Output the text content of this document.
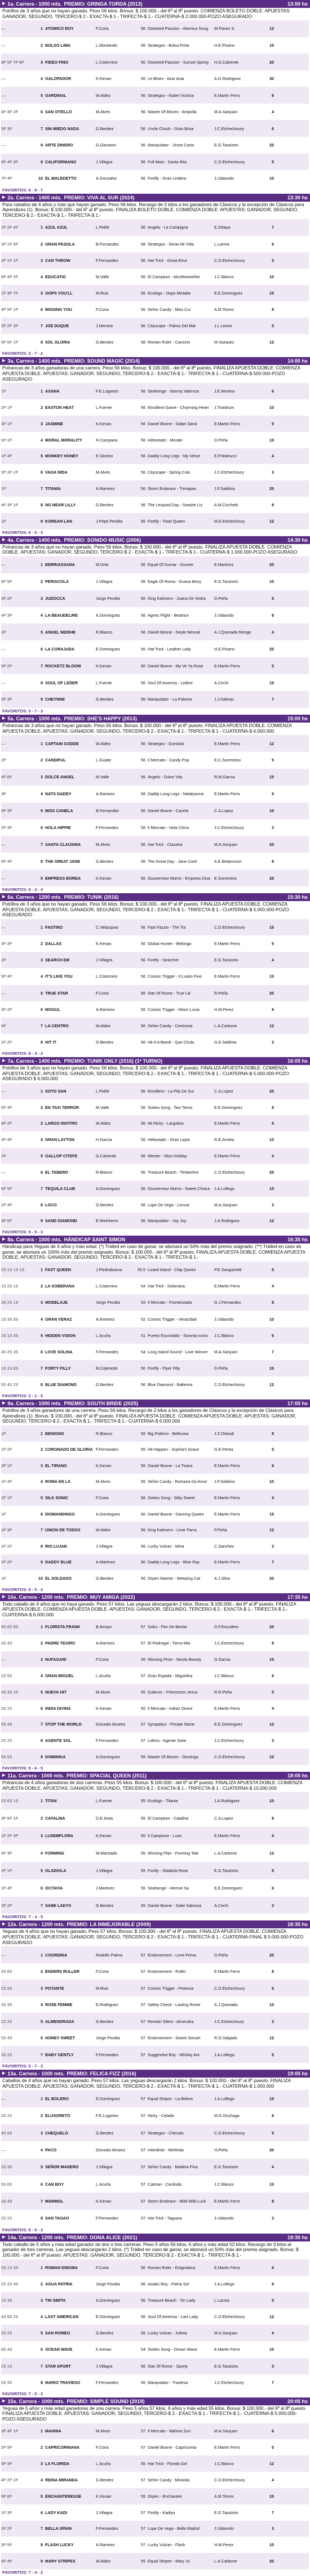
▶ 1a. Carrera - 1000 mts. PREMIO: GRINGA TORDA (2013)	13:00 hs
Potrillos de 3 años que no hayan ganado. Peso 56 kilos. Bonus: $ 100.000.- del 6º al 8º puesto. COMIENZA BOLETO DOBLE. APUESTAS: GANADOR, SEGUNDO, TERCERO-$ 2.- EXACTA-$ 1.- TRIFECTA-$ 1.- CUATERNA-$ 2.000.000-POZO ASEGURADO
—	1 ATOMICO BOY	F.Coria	56 Distorted Passion - Atomica Song	W.Pavez S.	12
—	2 BOLSO LIMA	L.Montando	56 Strategos - Bolsa Pinta	H.E.Pisano	15
8P 5P 7P 8P	3 FIDEO FINO	L.Cisternino	56 Distorted Passion - Sunset Spring	H.G.Calvente	20
—	4 GALOPADOR	K.Kenan	56 Le Blues - Azar Azar	A.G.Rodriguez	30
—	5 GARDINAL	W.Aldez	56 Strategos - Nobel Victoria	E.Martin Ferro	8
6P 3P 2P	6 SAN VITELLO	M.Alves	56 Master Of Moves - Ampolla	M.A.Sanjuan	4
5P 3P	7 SIN MIEDO NADA	G.Benitez	56 Uncle Chuck - Gran Brisa	J.C.Etchechoury	6
—	8 ARTE DINERO	G.Giovanni	56 Manipulator - Jinsei Carta	E.G.Tassistro	25
8P 4P 3P	9 CALIFORNIANO	J.Villagra	56 Full Mast - Santa Rita	C.D.Etchechoury	5
7P 4P	10 EL MALEDETTO	A.Gonzalez	56 Fortify - Gran Lindera	J.Udaondo	10
FAVORITOS: 6 - 9 - 7
▶ 2a. Carrera - 1400 mts. PREMIO: VIVA AL SUR (2024)	13:30 hs
Para caballos de 4 años y más que hayan ganado. Peso 56 kilos. Recargo de 2 kilos a los ganadores de Clásicos y la excepción de Clásicos para Aprendices (1). Bonus: $ 100.000.- del 6º al 8º puesto. FINALIZA BOLETO DOBLE. COMIENZA DOBLE. APUESTAS: GANADOR, SEGUNDO, TERCERO-$ 2.- EXACTA-$ 1.- TRIFECTA-$ 1.-
1P 2P 4P	1 AZUL AZUL	L.Pelitti	56 Angelo - La Campigna	E.Zelaya	7
3P 1P 5P	2 GRAN PASOLA	B.Fernandez	58 Strategos - Seras Mi Vida	L.Larrea	6
2P 1P 1P	3 CAN THROW	F.Fernandes	56 Hat Trick - Great Ema	C.D.Etchechoury	3
6P 4P 2P	4 EDUCATIO	M.Valle	56 El Campeon - Alcotheworthie	J.C.Blanco	10
1P 3P 7P	5 OOPS YOU'LL	M.Ruiz	56 Ecologo - Oops Mistake	E.E.Dominguez	15
4P 5P 1P	6 MISSING YOU	F.Coria	56 Señor Candy - Miss Cui	A.M.Torres	8
2P 2P 3P	7 JOE DUQUE	J.Herrera	56 Cityscape - Palma Del Mar	J.L.Leone	5
5P 6P 1P	8 SOL GLORIA	G.Benitez	58 Roman Ruler - Cancino	M.Vazquez	12
FAVORITOS: 3 - 7 - 2
▶ 3a. Carrera - 1400 mts. PREMIO: SOUND MAGIC (2014)	14:00 hs
Potrancas de 3 años ganadoras de una carrera. Peso 56 kilos. Bonus: $ 100.000.- del 6º al 8º puesto. FINALIZA APUESTA DOBLE. COMIENZA APUESTA DOBLE. APUESTAS: GANADOR, SEGUNDO, TERCERO-$ 2.- EXACTA-$ 1.- TRIFECTA-$ 1.- CUATERNA-$ 500.000-POZO ASEGURADO
1P	1 ASANA	F.E.Lugones	56 Seahenge - Stormy Valencia	J.E.Moreno	6
2P 1P	2 EASTON HEAT	L.Fuente	56 Emollient Game - Charming Heart	J.Tisedrum	10
3P 1P	3 JASMINE	K.Kenan	56 Daniel Boone - Safari Sand	E.Martin Ferro	5
5P 1P	4 MORAL MORALITY	R.Campana	56 Heliostatic - Morale	D.Peña	15
1P 4P	5 MONKEY HONEY	E.Silveiro	56 Daddy Long Legs - My Virtue	E.P.Martucci	4
2P 2P 1P	6 VAGA NIDA	M.Alves	56 Cityscape - Spring Cuki	J.C.Etchechoury	3
1P	7 TITANIA	A.Ramirez	56 Storm Embrace - Trimapas	J.F.Saldivia	20
4P 3P 1P	8 NO NEAR LILLY	G.Benitez	56 The Leopard Day - Seatzle Liz	A.M.Cicchetti	8
1P	9 KOREAN LAN	J.Pepe Peralta	56 Fortify - Twist Queen	M.E.Etchechoury	12
FAVORITOS: 6 - 5 - 3
▶ 4a. Carrera - 1400 mts. PREMIO: SONIDO MUSIC (2006)	14:30 hs
Potrancas de 3 años que no hayan ganado. Peso 56 kilos. Bonus: $ 100.000.- del 6º al 8º puesto. FINALIZA APUESTA DOBLE. COMIENZA DOBLE. APUESTAS: GANADOR, SEGUNDO, TERCERO-$ 2.- EXACTA-$ 1.- TRIFECTA-$ 1.- CUATERNA-$ 1.000.000-POZO ASEGURADO
—	1 BERRIASSANA	M.Ortiz	56 Equal Of Kumar - Gunner	E.Martinez	20
6P 5P	2 PERISCOLA	J.Villagra	56 Eagle Of Roma - Guava Beny	E.G.Tassistro	10
3P 2P	3 JUDOCCA	Jorge Peralta	56 King Kalimero - Juana De Vedra	D.Peña	6
4P 3P	4 LA BEAUDELIRE	A.Dominguez	56 Agnes Flight - Beatrice	J.Udaondo	8
2P	5 ANGEL NEIDHE	R.Blanco	56 Daniel Boone - Neyle Neonal	A.J.Quesada Monge	4
—	6 LA CORAJUDA	E.Dominguez	56 Hat Trick - Leather Lady	H.E.Pisano	25
5P 2P	7 ROCKETZ BLOOM	K.Kenan	56 Daniel Boone - My Ve Ya Rose	E.Martin Ferro	5
—	8 SOUL OF LEDER	L.Fuente	56 Soul Of America - Ledine	A.Cechi	15
3P 3P	9 CHEYNNE	G.Benitez	56 Manipulator - La Paloma	J.J.Salinas	7
FAVORITOS: 5 - 7 - 3
▶ 5a. Carrera - 1000 mts. PREMIO: SHE'S HAPPY (2013)	15:00 hs
Potrancas de 3 años que no hayan ganado. Peso 56 kilos. Bonus: $ 100.000.- del 6º al 8º puesto. FINALIZA APUESTA DOBLE. COMIENZA APUESTA DOBLE. APUESTAS: GANADOR, SEGUNDO, TERCERO-$ 2.- EXACTA-$ 1.- TRIFECTA-$ 1.- CUATERNA-$ 6.000.000
—	1 CAPTAIN GODDE	W.Aldez	56 Strategos - Gondola	E.Martin Ferro	12
2P	2 CANDIFUL	L.Guaite	56 Il Mercato - Candy Pop	E.C.Sorrentino	5
4P 6P	3 DOLCE ANGEL	M.Valle	56 Angelo - Dolce Vita	R.M.Garcia	15
3P	4 NATS DADDY	A.Ramirez	56 Daddy Long Legs - Natalyanna	E.Martin Ferro	6
5P 3P	5 MISS CANELA	B.Fernandez	56 Daniel Boone - Canela	C.A.Lopez	10
2P 3P	6 HOLA HIPPIE	F.Fernandes	56 Il Mercato - Hola Chica	J.C.Etchechoury	3
—	7 SANTA CLAUSINA	M.Alves	56 Hat Trick - Claustra	M.A.Sanjuan	20
6P 4P	8 THE GREAT JANE	G.Benitez	56 The Great Day - Jane Cash	A.E.Betancourt	8
—	9 EMPRESS BOREA	K.Kenan	56 Gouverneur Morris - Empress Diva E.Sorrentino	25
FAVORITOS: 6 - 2 - 4
▶ 6a. Carrera - 1200 mts. PREMIO: TUNIK (2016)	15:30 hs
Potrillos de 3 años que no hayan ganado. Peso 56 kilos. Bonus: $ 100.000.- del 6º al 8º puesto. FINALIZA APUESTA DOBLE. COMIENZA APUESTA DOBLE. APUESTAS: GANADOR, SEGUNDO, TERCERO-$ 2.- EXACTA-$ 1.- TRIFECTA-$ 1.- CUATERNA-$ 5.000.000-POZO ASEGURADO
—	1 FASTINO	C.Velazquez	56 Fast Fazzio - The Tia	C.D.Etchechoury	15
4P 3P	2 DALLAS	K.Kenan	56 Global Hunter - Bebinga	E.Martin Ferro	5
2P	3 SEARCH EM	J.Villagra	56 Fortify - Searcher	E.G.Tassistro	4
5P 4P	4 IT'S LIKE YOU	L.Cisternino	56 Cosmic Trigger - It Looks Fine	E.Martin Ferro	10
—	5 TRUE STAR	F.Coria	56 Star Of Rome - True Lie	R.Peña	20
3P 2P	6 MOGUL	A.Ramirez	56 Cosmic Trigger - Moon Lucia	H.M.Perez	6
6P	7 LA CENTRO	W.Aldez	56 Señor Candy - Centronia	L.A.Carbone	12
2P 2P	8 HIT IT	G.Benitez	56 Hit It A Bomb - Que Chula	G.E.Saldivia	3
FAVORITOS: 8 - 3 - 2
▶ 7a. Carrera - 1400 mts. PREMIO: TUNIK ONLY (2016) (1ª TURNO)	16:05 hs
Potrillos de 3 años que no hayan ganado. Peso 56 kilos. Bonus: $ 100.000.- del 6º al 8º puesto. FINALIZA APUESTA DOBLE. COMIENZA APUESTA DOBLE. APUESTAS: GANADOR, SEGUNDO, TERCERO-$ 2.- EXACTA-$ 1.- TRIFECTA-$ 1.- CUATERNA-$ 5.000.000-POZO ASEGURADO $ 6.000.000
—	1 SOTO SAN	L.Pelitti	56 Emollient - La Pila De Sur	C.A.Lopez	20
5P 3P	2 EN TAXI TERROR	M.Valle	56 Sixties Song - Taxi Terror	E.E.Dominguez	8
4P 2P	3 LARGO INVITRO	W.Aldez	56 Mr.Nicky - Largolina	E.Martin Ferro	5
3P 4P	4 GRAN LAYTON	H.Garcia	56 Heliostatic - Gran Layla	R.E.Arrieta	10
2P	5 GALLOP CITEFE	G.Calvente	56 Wester - Miss Holiday	E.Martin Ferro	4
—	6 EL TABERO	R.Blanco	56 Treasure Beach - Timberline	C.D.Etchechoury	25
6P 5P	7 TEQUILA CLUB	A.Dominguez	56 Gouverneur Morris - Sweet Choice	J.A.Lofiego	15
2P 3P	8 LOCO	G.Benitez	56 Lope De Vega - Locura	M.A.Sanjuan	3
3P 6P	9 SAND DIAMOND	E.Weinherrn	56 Manipulator - Joy Joy	J.A.Rodriguez	12
FAVORITOS: 8 - 5 - 3
▶ 8a. Carrera - 1000 mts. HÁNDICAP SAINT SIMON	16:35 hs
Hándicap para Yeguas de 4 años y más edad. (*) Tráiled en caso de ganar, se abonará un 50% más del premio asignado. (**) Tráiled en caso de ganar, se abonará un 100% más del premio asignado. Bonus: $ 100.000.- del 6º al 8º puesto. FINALIZA APUESTA DOBLE. COMIENZA APUESTA DOBLE. APUESTAS: GANADOR, SEGUNDO, TERCERO-$ 2.- EXACTA-$ 1.- TRIFECTA-$ 1.-
2S 1S 1S 1S	1 FAST QUEEN	J.Piedrabuena	55.5 Lizard Island - Chip Queen	P.E.Sanguinetti	5
1S 2S 1S	2 LA SOBERANA	L.Cisternino	54 Hat Trick - Soberana	E.Martin Ferro	4
3S 2S 1S	3 MODELAJE	Jorge Peralta	53 Il Mercato - Fronterizada	G.J.Fernandez	8
1S 3S 5S	4 GRAN VERAZ	A.Ramirez	52 Cosmic Trigger - Veracidad	J.Udaondo	10
2S 1S 4S	5 HIDDEN VISION	L.Acuña	51 Puerto Escondido - Somnia Icono	J.C.Blanco	6
4S 2S 3S	6 LOVE SOLINA	F.Fernandes	54 Long Island Sound - Love Winner	M.A.Sanjuan	7
1S 1S 6S	7 FORTY FILLY	M.Cejenedo	50 Fortify - Flyer Filly	D.Peña	15
5S 4S 2S	8 BLUE DIAMOND	G.Benitez	56 Blue Diamond - Ballerina	C.D.Etchechoury	12
FAVORITOS: 2 - 1 - 5
▶ 9a. Carrera - 1000 mts. PREMIO: SOUTH BRIDE (2025)	17:05 hs
Potrillos de 3 años ganadores de una carrera. Peso 56 kilos. Recargo de 2 kilos a los ganadores de Clásicos y la excepción de Clásicos para Aprendices (1). Bonus: $ 100.000.- del 6º al 8º puesto. FINALIZA APUESTA DOBLE. COMIENZA APUESTA DOBLE. APUESTAS: GANADOR, SEGUNDO, TERCERO-$ 2.- EXACTA-$ 1.- TRIFECTA-$ 1.- CUATERNA-$ 6.000.000
1P	1 BENIGNO	R.Blanco	56 Big Pollerro - Bellicosa	J.Z.Orlandi	8
1P 2P	2 CORONADO DE GLORIA F.Fernandes	56 Hit Happen - Sophia's Grace	G.E.Perea	5
3P 1P	3 EL TIRANO	K.Kenan	56 Daniel Boone - La Tirana	E.Martin Ferro	6
1P 4P	4 ROMA EN LA	M.Alves	56 Señor Candy - Romana Da Amor	J.F.Saldivia	10
2P 1P	5 SILK SONIC	F.Coria	56 Sixties Song - Silky Sweet	E.Martin Ferro	4
1P	6 DIOMANDINGO	A.Dominguez	56 Daniel Boone - Dancing Queen	E.Martin Ferro	15
1P 3P	7 UNION DE TODOS	W.Aldez	56 King Kalimero - Linar Parra	P.Peña	12
1P 1P	8 RIO LUJAN	J.Villagra	56 Lucky Vulcan - Mina	C.Sanchez	3
2P 2P	9 DADDY BLUE	A.Martinez	56 Daddy Long Legs - Blue Ray	E.Martin Ferro	7
1P	10 EL SOLDADO	G.Benitez	56 Orpen Warrior - Weeping Cat	A.J.Silva	20
FAVORITOS: 8 - 5 - 2
▶ 10a. Carrera - 1200 mts. PREMIO: MUY AMIGA (2022)	17:35 hs
Todo caballo de 4 años que no haya ganado. Peso 57 kilos. Las yeguas descargarán 2 kilos. Bonus: $ 100.000.- del 6º al 8º puesto. FINALIZA APUESTA DOBLE. COMIENZA APUESTA DOBLE. APUESTAS: GANADOR, SEGUNDO, TERCERO-$ 2.- EXACTA-$ 1.- TRIFECTA-$ 1.- CUATERNA-$ 6.000.000
9S 6S 9S	1 FLORISTA FRANK	B.Arroyo	57 Goku - Flor De Benito	D.F.Escudero	20
3S 4S	2 PADRE TEXIRO	A.Ramirez	57 El Pedregal - Tierra Mia	J.C.Etchechoury	8
—	3 NUFAGARI	F.Coria	55 Winning Prize - Nestis Beauty	G.Garcia	15
2S 5S	4 GRAN MIGUEL	L.Acuña	57 Gran Espada - Miguelina	J.C.Blanco	6
4S 3S 2S	5 NUEVA HIT	M.Alves	55 Dubicon - Princesses Jesus	R.R.Peña	5
3S 2S	6 INDIA DIVINA	K.Kenan	55 Il Mercato - Indian Divine	E.Martin Ferro	4
5S 4S	7 STOP THE WORLD	Gonzalo Alvarez	57 Sympatico - Private Stone	E.E.Dominguez	12
2S 2S	8 AGENTE SOL	F.Fernandes	57 Lideris - Agente Solar	J.C.Etchechoury	3
6S 5S	9 DOMINIKA	A.Dominguez	55 Master Of Moves - Dominga	C.D.Etchechoury	10
FAVORITOS: 8 - 6 - 5
▶ 11a. Carrera - 1000 mts. PREMIO: SPACIAL QUEEN (2011)	18:05 hs
Potrancas de 4 años ganadoras de dos carreras. Peso 55 kilos. Bonus: $ 100.000.- del 6º al 8º puesto. FINALIZA APUESTA DOBLE. COMIENZA APUESTA DOBLE. APUESTAS: GANADOR, SEGUNDO, TERCERO-$ 2.- EXACTA-$ 1.- TRIFECTA-$ 1.- CUATERNA-$ 10.000.000
2S 6S 1S	1 TITAN	L.Fuente	55 Ecologo - Titania	J.A.Rodriguez	10
3P 5P 1P	2 CATALINA	D.E.Arias	55 El Campeon - Catalina	C.A.Lopez	8
1P 2P 3P	3 LUXEMFLORA	K.Kenan	55 Il Campione - Luxe	E.Martin Ferro	4
4P 3P	4 FORMING	W.Machado	55 Winning Plan - Forming Tale	L.A.Carbone	12
2P 1P	5 GLADIOLA	J.Villagra	55 Fortify - Gladiola Rose	E.G.Tassistro	5
1P 4P	6 OCTAVIA	J.Martinez	55 Seahenge - Hermie Sa	E.E.Dominguez	6
3P 2P	7 SABE LADYS	G.Benitez	55 Daniel Boone - Sabe Sabrosa	A.Cechi	3
FAVORITOS: 7 - 3 - 5
▶ 12a. Carrera - 1200 mts. PREMIO: LA INMEJORABLE (2009)	18:35 hs
Yeguas de 4 años que no hayan ganado. Peso 57 kilos. Bonus: $ 100.000.- del 6º al 8º puesto. FINALIZA APUESTA DOBLE. COMIENZA APUESTA DOBLE. APUESTAS: GANADOR, SEGUNDO, TERCERO-$ 2.- EXACTA-$ 1.- TRIFECTA-$ 1.- CUATERNA-FINAL $ 5.000.000-POZO ASEGURADO
—	1 COORDINA	Rodolfo Palma	57 Endorsement - Lone Prima	D.Peña	20
3S 6S	2 ENDERS RULLER	F.Coria	57 Endorsement - Ruller	E.Martin Ferro	8
2S 5S	3 POTANTE	M.Ruiz	57 Cosmic Trigger - Potenza	C.D.Etchechoury	6
4S 3S	4 ROSE FEMME	E.Rodriguez	57 Safety Check - Lasting Rome	A.J.Quesada	10
2S 2S	5 ALMENDRADA	G.Benitez	57 Remain Silent - Almendra	J.C.Etchechoury	3
5S 4S	6 HONEY SWEET	Jorge Peralta	57 Endorsement - Sweet Sonset	R.G.Salgado	12
3S 2S	7 BABY GENTLY	F.Fernandes	57 Suggestive Boy - Whisky Ant	J.A.Lofiego	5
FAVORITOS: 5 - 7 - 3
▶ 13a. Carrera - 1000 mts. PREMIO: FELICA FIZZ (2016)	19:05 hs
Caballos de 4 años que no hayan ganado. Peso 57 kilos. Las yeguas descargarán 2 kilos. Bonus: $ 100.000.- del 6º al 8º puesto. FINALIZA APUESTA DOBLE. APUESTAS: GANADOR, SEGUNDO, TERCERO-$ 2.- EXACTA-$ 1.- TRIFECTA-$ 1.- CUATERNA-$ 1.000.000
—	1 EL BOLERO	E.Dominguez	57 Equal Stripes - La Bolera	J.A.Lofiego	15
3S 2S	2 ELUSORETO	F.E.Lugones	57 Nicky - Celada	M.G.Onchaga	6
4S 5S	3 CHEQUELO	G.Benitez	57 Strategos - Checola	C.D.Etchechoury	5
—	4 PACO	Gonzalo Alvarez	57 Interdinte - Merlinda	H.Peña	20
2S 3S	5 SEÑOR MADERO	J.Villagra	57 Señor Candy - Madera Fina	E.G.Tassistro	4
5S 6S	6 CAN BOY	L.Acuña	57 Catman - Canlinda	J.C.Blanco	10
3S 4S	7 MARMOL	K.Kenan	57 Storm Embrace - Wild Wild Luck	E.Martin Ferro	8
2S 2S	8 SAN TAGAO	F.Fernandes	57 Hat Trick - Taguara	J.Udaondo	3
FAVORITOS: 8 - 5 - 3
▶ 14a. Carrera - 1200 mts. PREMIO: DONA ALICE (2021)	19:35 hs
Todo caballo de 5 años y más edad ganador de dos o tres carreras. Peso 5 años 56 kilos, 6 años y más edad 52 kilos. Recargo de 3 kilos al ganador de tres carreras. Las yeguas descargarán 2 kilos. (*) Tráiled en caso de ganar, se abonará un 50% más del premio asignado. Bonus: $ 100.000.- del 6º al 8º puesto. APUESTAS: GANADOR, SEGUNDO, TERCERO-$ 2.- EXACTA-$ 1.- TRIFECTA-$ 1.-
5S 1S 3S	1 ROMAN ENIGMA	F.Coria	56 Roman Ruler - Enigmatica	E.Martin Ferro	6
2S 2S 4S	2 AGUA PATRIA	Jorge Peralta	56 Asiatic Boy - Patria Sol	J.A.Lofiego	8
1S 3S	3 TIN SMITH	A.Dominguez	56 Treasure Beach - Tin Lady	L.Larrea	5
4S 6S 2S	4 LAST AMERICAN	E.Dominguez	56 Soul Of America - Last Lady	C.D.Etchechoury	12
3S 2S	5 SAN ROMEO	G.Benitez	56 Lucky Vulcan - Julieta	M.A.Sanjuan	4
6S 4S	6 OCEAN WAVE	K.Kenan	54 Sixties Song - Ocean Wave	E.Martin Ferro	10
2S 1S	7 STAR SPORT	J.Villagra	56 Star Of Rome - Sporty	E.G.Tassistro	3
5S 3S	8 MARIO TRAVIESO	F.Fernandes	56 Manipulator - Traviesa	J.C.Etchechoury	7
FAVORITOS: 7 - 5 - 3
▶ 15a. Carrera - 1000 mts. PREMIO: SIMPLE SOUND (2018)	20:05 hs
Yeguas de 5 años y más edad ganadoras de una carrera. Peso 5 años 57 kilos, 6 años y más edad 55 kilos. Bonus: $ 100.000.- del 6º al 8º puesto. FINALIZA APUESTA DOBLE. APUESTAS: GANADOR, SEGUNDO, TERCERO-$ 2.- EXACTA-$ 1.- TRIFECTA-$ 1.- CUATERNA-$ 5.000.000-POZO ASEGURADO
3P 4P 1P	1 MAHINA	M.Alves	57 Il Mercato - Mahina Sun	M.A.Sanjuan	6
2P 5P	2 CAPRICORNIANA	F.Coria	57 Daniel Boone - Capricornia	E.Martin Ferro	5
6P 3P	3 LA FLORIDA	L.Acuña	55 Hat Trick - Florida Girl	J.C.Blanco	12
4P 2P 1P	4 REINA MIRANDA	G.Benitez	57 Señor Candy - Miranda	C.D.Etchechoury	4
5P 6P	5 ENCHANTERESSE	K.Kenan	55 Orpen - Enchantee	A.M.Torres	15
1P 3P	6 LADY KADI	J.Villagra	57 Fortify - Kadiya	E.G.Tassistro	7
2P 2P	7 BELLA SPAIN	F.Fernandes	57 Lope De Vega - Bella Madrid	J.Udaondo	3
3P 5P	8 FLASH LUCKY	A.Ramirez	57 Lucky Vulcan - Flash	H.M.Perez	10
6P 4P	9 MARY STRIPES	W.Aldez	55 Equal Stripes - Mary Jo	L.A.Carbone	20
FAVORITOS: 7 - 4 - 2
